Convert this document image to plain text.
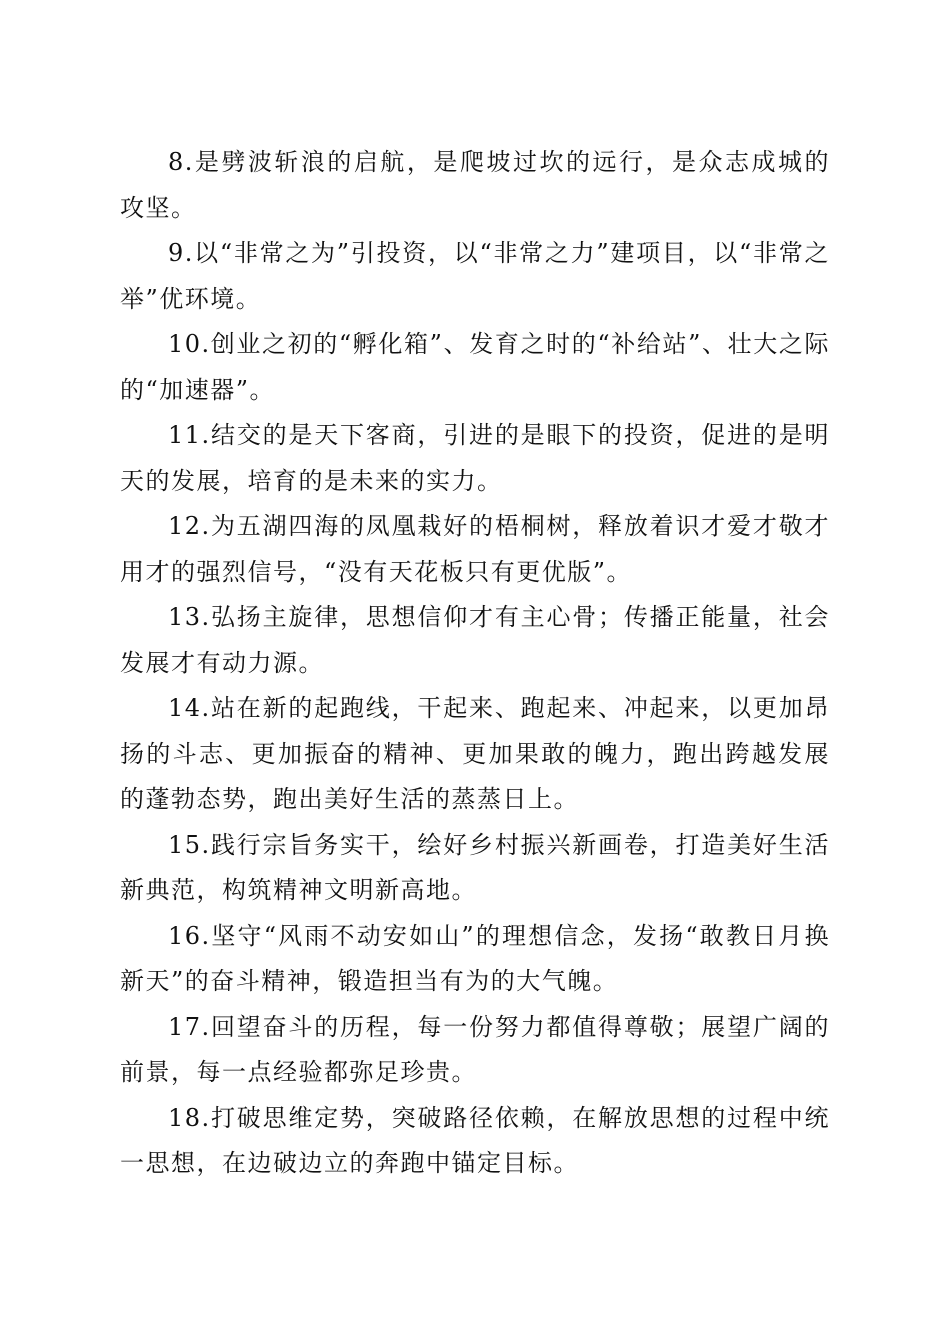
8.是劈波斩浪的启航，是爬坡过坎的远行，是众志成城的攻坚。

9.以“非常之为”引投资，以“非常之力”建项目，以“非常之举”优环境。

10.创业之初的“孵化箱”、发育之时的“补给站”、壮大之际的“加速器”。

11.结交的是天下客商，引进的是眼下的投资，促进的是明天的发展，培育的是未来的实力。

12.为五湖四海的凤凰栽好的梧桐树，释放着识才爱才敬才用才的强烈信号，“没有天花板只有更优版”。

13.弘扬主旋律，思想信仰才有主心骨；传播正能量，社会发展才有动力源。

14.站在新的起跑线，干起来、跑起来、冲起来，以更加昂扬的斗志、更加振奋的精神、更加果敢的魄力，跑出跨越发展的蓬勃态势，跑出美好生活的蒸蒸日上。

15.践行宗旨务实干，绘好乡村振兴新画卷，打造美好生活新典范，构筑精神文明新高地。

16.坚守“风雨不动安如山”的理想信念，发扬“敢教日月换新天”的奋斗精神，锻造担当有为的大气魄。

17.回望奋斗的历程，每一份努力都值得尊敬；展望广阔的前景，每一点经验都弥足珍贵。

18.打破思维定势，突破路径依赖，在解放思想的过程中统一思想，在边破边立的奔跑中锚定目标。
